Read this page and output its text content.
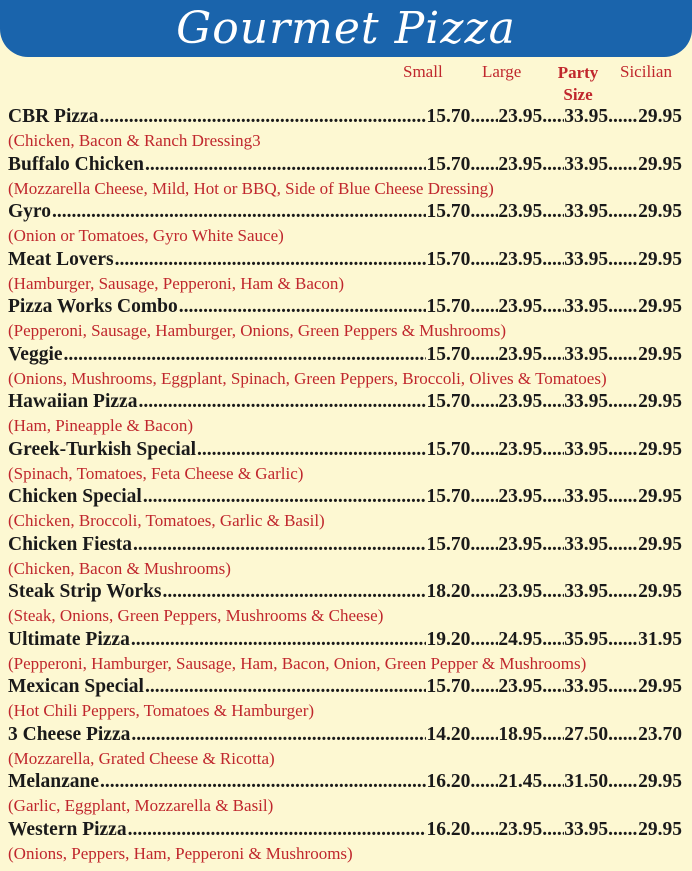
Gourmet Pizza
Small Large Party
Size
Sicilian
CBR Pizza .....	15.70 ...... 23.95 ...... 33.95 ...... 29.95
(Chicken, Bacon & Ranch Dressing3
Buffalo Chicken .....	15.70 ...... 23.95 ...... 33.95 ...... 29.95
(Mozzarella Cheese, Mild, Hot or BBQ, Side of Blue Cheese Dressing)
Gyro .....	15.70 ...... 23.95 ...... 33.95 ...... 29.95
(Onion or Tomatoes, Gyro White Sauce)
Meat Lovers .....	15.70 ...... 23.95 ...... 33.95 ...... 29.95
(Hamburger, Sausage, Pepperoni, Ham & Bacon)
Pizza Works Combo .....	15.70 ...... 23.95 ...... 33.95 ...... 29.95
(Pepperoni, Sausage, Hamburger, Onions, Green Peppers & Mushrooms)
Veggie .....	15.70 ...... 23.95 ...... 33.95 ...... 29.95
(Onions, Mushrooms, Eggplant, Spinach, Green Peppers, Broccoli, Olives & Tomatoes)
Hawaiian Pizza .....	15.70 ...... 23.95 ...... 33.95 ...... 29.95
(Ham, Pineapple & Bacon)
Greek-Turkish Special .....	15.70 ...... 23.95 ...... 33.95 ...... 29.95
(Spinach, Tomatoes, Feta Cheese & Garlic)
Chicken Special .....	15.70 ...... 23.95 ...... 33.95 ...... 29.95
(Chicken, Broccoli, Tomatoes, Garlic & Basil)
Chicken Fiesta .....	15.70 ...... 23.95 ...... 33.95 ...... 29.95
(Chicken, Bacon & Mushrooms)
Steak Strip Works .....	18.20 ...... 23.95 ...... 33.95 ...... 29.95
(Steak, Onions, Green Peppers, Mushrooms & Cheese)
Ultimate Pizza .....	19.20 ...... 24.95 ...... 35.95 ...... 31.95
(Pepperoni, Hamburger, Sausage, Ham, Bacon, Onion, Green Pepper & Mushrooms)
Mexican Special .....	15.70 ...... 23.95 ...... 33.95 ...... 29.95
(Hot Chili Peppers, Tomatoes & Hamburger)
3 Cheese Pizza .....	14.20 ...... 18.95 ...... 27.50 ...... 23.70
(Mozzarella, Grated Cheese & Ricotta)
Melanzane .....	16.20 ...... 21.45 ...... 31.50 ...... 29.95
(Garlic, Eggplant, Mozzarella & Basil)
Western Pizza .....	16.20 ...... 23.95 ...... 33.95 ...... 29.95
(Onions, Peppers, Ham, Pepperoni & Mushrooms)
